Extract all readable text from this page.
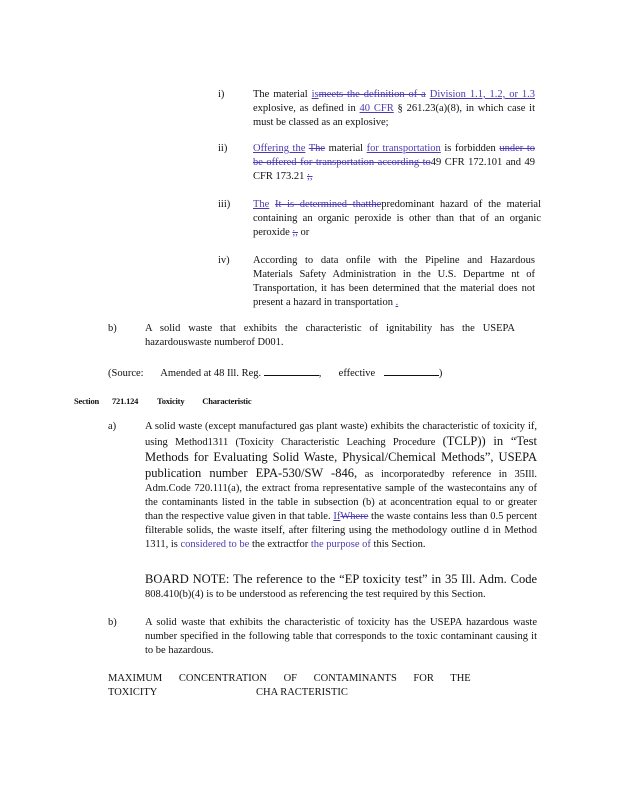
i)	The material ismeets the definition of a Division 1.1, 1.2, or 1.3 explosive, as defined in 40 CFR § 261.23(a)(8), in which case it must be classed as an explosive;
ii) Offering the The material for transportation is forbidden under to be offered for transportation according to49 CFR 172.101 and 49 CFR 173.21 ;,
iii) The It is determined thatthepredominant hazard of the material containing an organic peroxide is other than that of an organic peroxide ;, or
iv) According to data onfile with the Pipeline and Hazardous Materials Safety Administration in the U.S. Departme nt of Transportation, it has been determined that the material does not present a hazard in transportation .
b)	A solid waste that exhibits the characteristic of ignitability has the USEPA hazardouswaste numberof D001.
(Source: Amended at 48 Ill. Reg.	, effective	)
Section 721.124 Toxicity Characteristic
a)	A solid waste (except manufactured gas plant waste) exhibits the characteristic of toxicity if, using Method1311 (Toxicity Characteristic Leaching Procedure (TCLP)) in “Test Methods for Evaluating Solid Waste, Physical/Chemical Methods”, USEPA publication number EPA-530/SW -846, as incorporatedby reference in 35Ill. Adm.Code 720.111(a), the extract froma representative sample of the wastecontains any of the contaminants listed in the table in subsection (b) at aconcentration equal to or greater than the respective value given in that table. IfWhere the waste contains less than 0.5 percent filterable solids, the waste itself, after filtering using the methodology outline d in Method 1311, is considered to be the extractfor the purpose of this Section.
BOARD NOTE: The reference to the “EP toxicity test” in 35 Ill. Adm. Code 808.410(b)(4) is to be understood as referencing the test required by this Section.
b)	A solid waste that exhibits the characteristic of toxicity has the USEPA hazardous waste number specified in the following table that corresponds to the toxic contaminant causing it to be hazardous.
MAXIMUM CONCENTRATION OF CONTAMINANTS FOR THE TOXICITY	CHA RACTERISTIC
